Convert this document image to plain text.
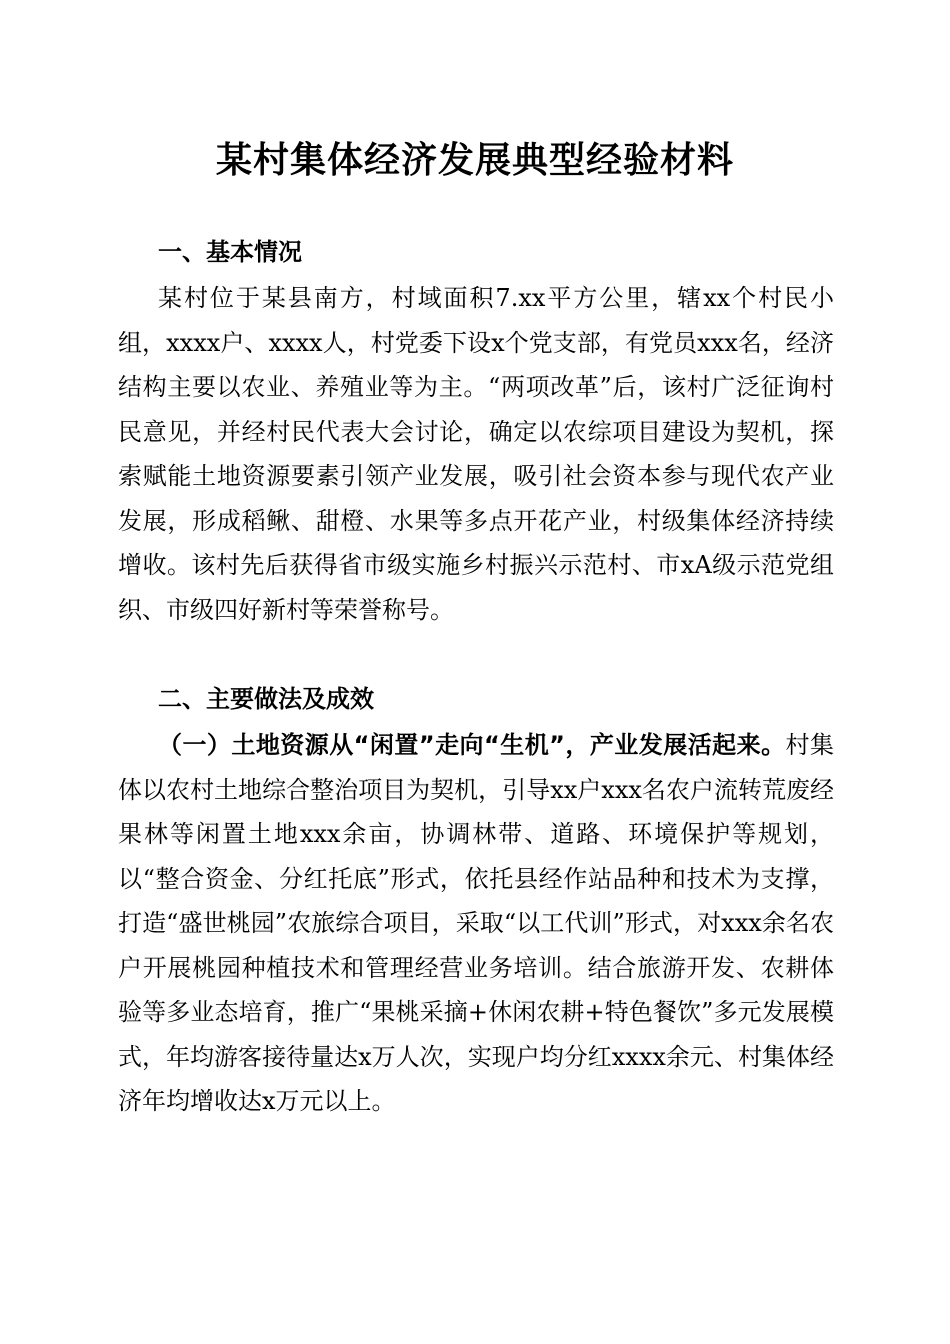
某村集体经济发展典型经验材料
一、基本情况
某村位于某县南方，村域面积7.xx平方公里，辖xx个村民小组，xxxx户、xxxx人，村党委下设x个党支部，有党员xxx名，经济结构主要以农业、养殖业等为主。“两项改革”后，该村广泛征询村民意见，并经村民代表大会讨论，确定以农综项目建设为契机，探索赋能土地资源要素引领产业发展，吸引社会资本参与现代农产业发展，形成稻鳅、甜橙、水果等多点开花产业，村级集体经济持续增收。该村先后获得省市级实施乡村振兴示范村、市xA级示范党组织、市级四好新村等荣誉称号。
二、主要做法及成效
（一）土地资源从“闲置”走向“生机”，产业发展活起来。村集体以农村土地综合整治项目为契机，引导xx户xxx名农户流转荒废经果林等闲置土地xxx余亩，协调林带、道路、环境保护等规划，以“整合资金、分红托底”形式，依托县经作站品种和技术为支撑，打造“盛世桃园”农旅综合项目，采取“以工代训”形式，对xxx余名农户开展桃园种植技术和管理经营业务培训。结合旅游开发、农耕体验等多业态培育，推广“果桃采摘+休闲农耕+特色餐饮”多元发展模式，年均游客接待量达x万人次，实现户均分红xxxx余元、村集体经济年均增收达x万元以上。
